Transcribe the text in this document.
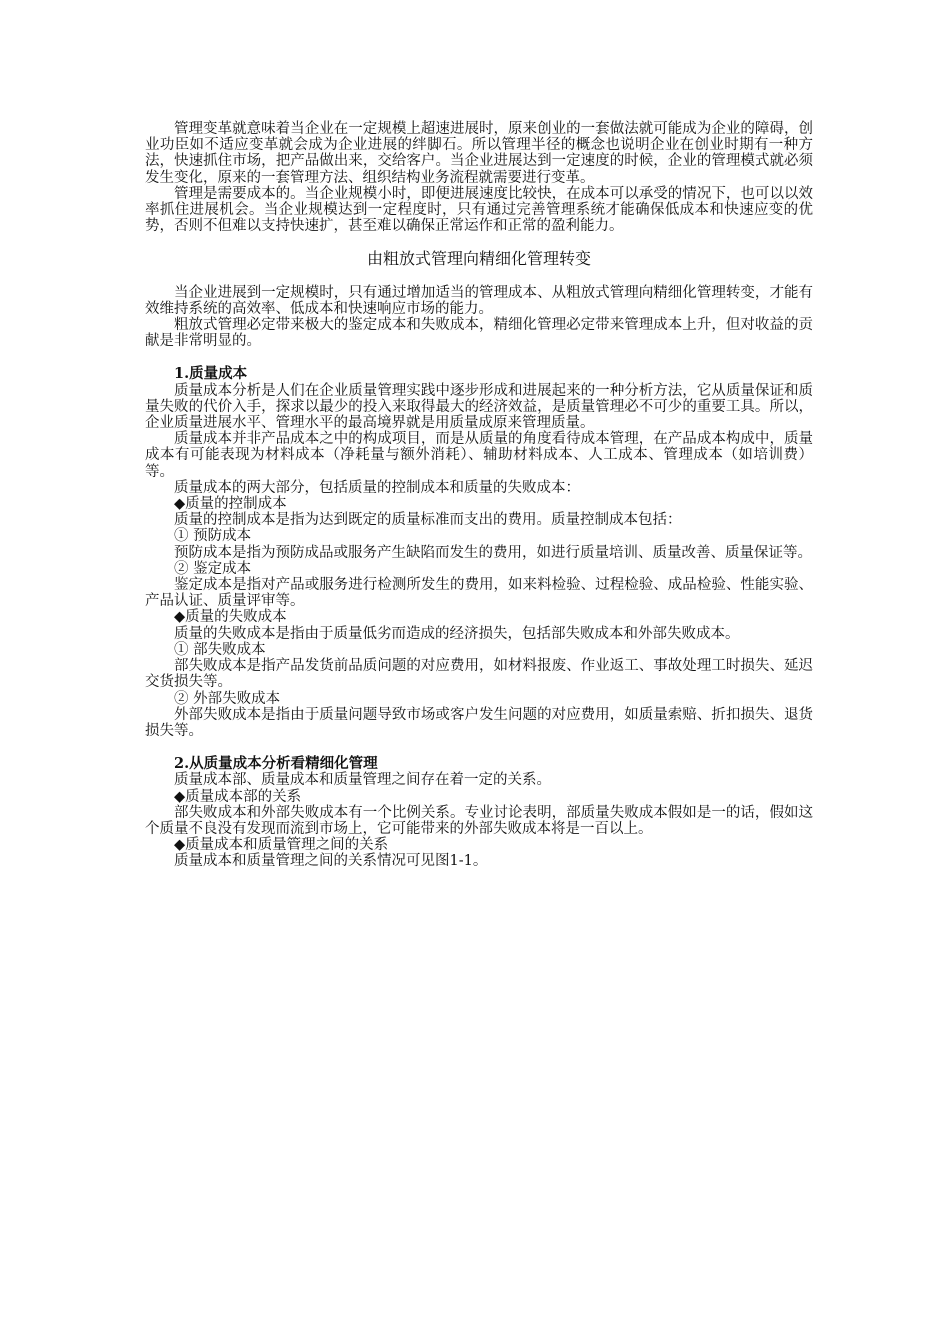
管理变革就意味着当企业在一定规模上超速进展时，原来创业的一套做法就可能成为企业的障碍，创业功臣如不适应变革就会成为企业进展的绊脚石。所以管理半径的概念也说明企业在创业时期有一种方法，快速抓住市场，把产品做出来，交给客户。当企业进展达到一定速度的时候，企业的管理模式就必须发生变化，原来的一套管理方法、组织结构业务流程就需要进行变革。

管理是需要成本的。当企业规模小时，即便进展速度比较快，在成本可以承受的情况下，也可以以效率抓住进展机会。当企业规模达到一定程度时，只有通过完善管理系统才能确保低成本和快速应变的优势，否则不但难以支持快速扩，甚至难以确保正常运作和正常的盈利能力。

由粗放式管理向精细化管理转变

当企业进展到一定规模时，只有通过增加适当的管理成本、从粗放式管理向精细化管理转变，才能有效维持系统的高效率、低成本和快速响应市场的能力。

粗放式管理必定带来极大的鉴定成本和失败成本，精细化管理必定带来管理成本上升，但对收益的贡献是非常明显的。

1.质量成本

质量成本分析是人们在企业质量管理实践中逐步形成和进展起来的一种分析方法，它从质量保证和质量失败的代价入手，探求以最少的投入来取得最大的经济效益，是质量管理必不可少的重要工具。所以，企业质量进展水平、管理水平的最高境界就是用质量成原来管理质量。

质量成本并非产品成本之中的构成项目，而是从质量的角度看待成本管理，在产品成本构成中，质量成本有可能表现为材料成本（净耗量与额外消耗）、辅助材料成本、人工成本、管理成本（如培训费）等。

质量成本的两大部分，包括质量的控制成本和质量的失败成本：

◆质量的控制成本

质量的控制成本是指为达到既定的质量标准而支出的费用。质量控制成本包括：

① 预防成本

预防成本是指为预防成品或服务产生缺陷而发生的费用，如进行质量培训、质量改善、质量保证等。

② 鉴定成本

鉴定成本是指对产品或服务进行检测所发生的费用，如来料检验、过程检验、成品检验、性能实验、产品认证、质量评审等。

◆质量的失败成本

质量的失败成本是指由于质量低劣而造成的经济损失，包括部失败成本和外部失败成本。

① 部失败成本

部失败成本是指产品发货前品质问题的对应费用，如材料报废、作业返工、事故处理工时损失、延迟交货损失等。

② 外部失败成本

外部失败成本是指由于质量问题导致市场或客户发生问题的对应费用，如质量索赔、折扣损失、退货损失等。

2.从质量成本分析看精细化管理

质量成本部、质量成本和质量管理之间存在着一定的关系。

◆质量成本部的关系

部失败成本和外部失败成本有一个比例关系。专业讨论表明，部质量失败成本假如是一的话，假如这个质量不良没有发现而流到市场上，它可能带来的外部失败成本将是一百以上。

◆质量成本和质量管理之间的关系

质量成本和质量管理之间的关系情况可见图1-1。
